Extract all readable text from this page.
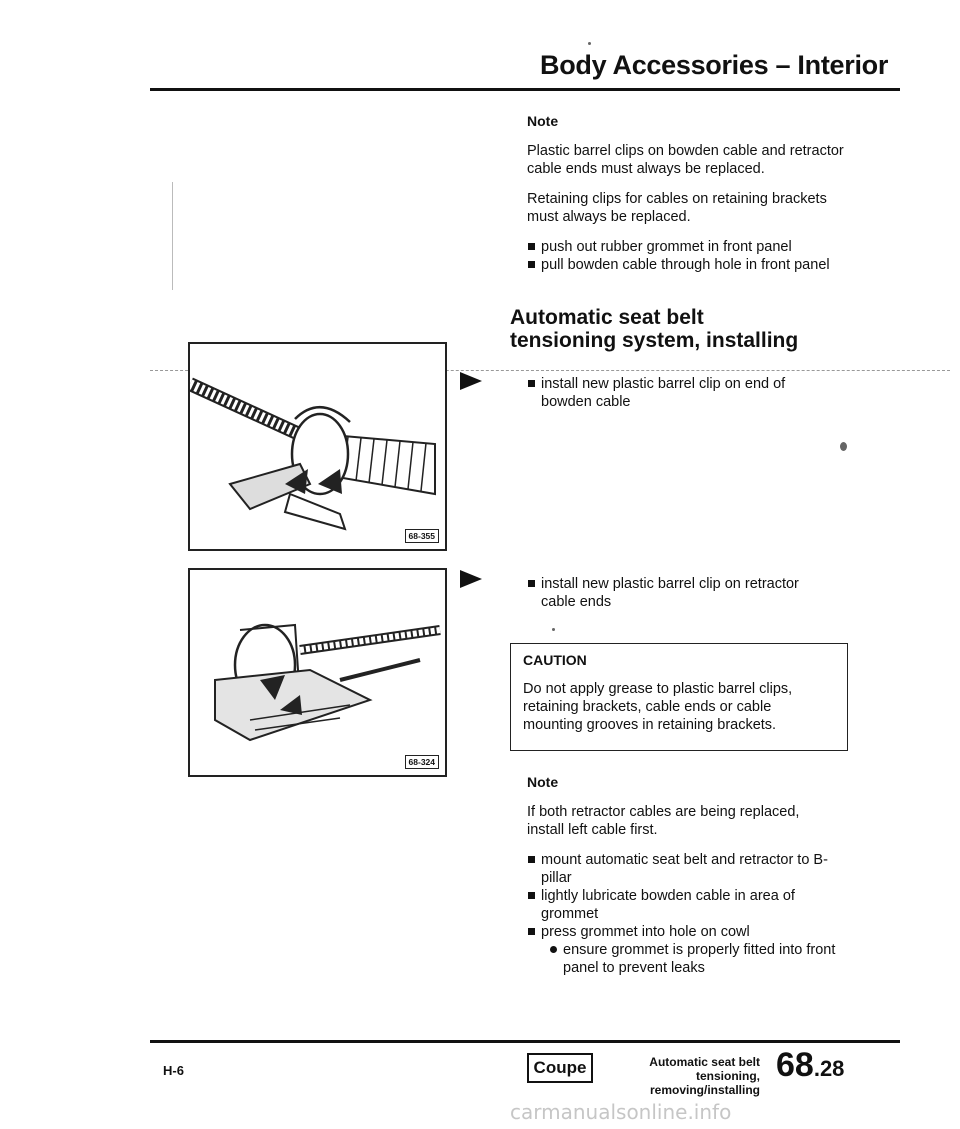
Body Accessories – Interior

Note

Plastic barrel clips on bowden cable and retractor cable ends must always be replaced.

Retaining clips for cables on retaining brackets must always be replaced.

push out rubber grommet in front panel
pull bowden cable through hole in front panel
Automatic seat belt tensioning system, installing
68-355
68-324
install new plastic barrel clip on end of bowden cable
install new plastic barrel clip on retractor cable ends
CAUTION
Do not apply grease to plastic barrel clips, retaining brackets, cable ends or cable mounting grooves in retaining brackets.

Note

If both retractor cables are being replaced, install left cable first.

mount automatic seat belt and retractor to B-pillar
lightly lubricate bowden cable in area of grommet
press grommet into hole on cowl
ensure grommet is properly fitted into front panel to prevent leaks
H-6	Coupe	Automatic seat belt tensioning,
removing/installing
68.28
carmanualsonline.info
